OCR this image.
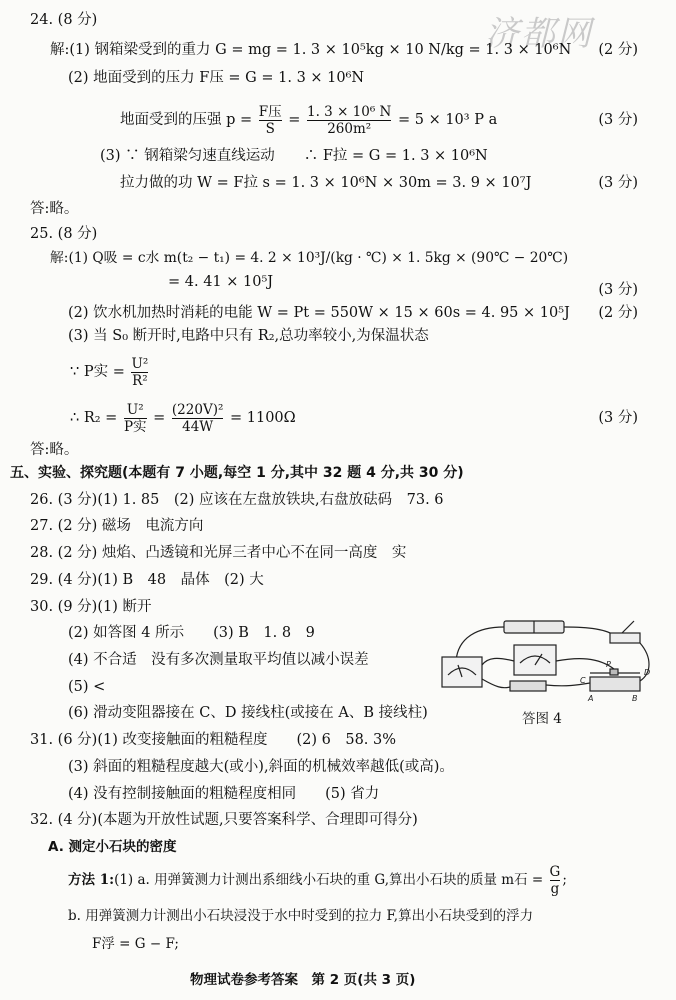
济都网
24. (8 分)
解:(1) 钢箱梁受到的重力 G = mg = 1. 3 × 10⁵kg × 10 N/kg = 1. 3 × 10⁶N (2 分)
(2) 地面受到的压力 F压 = G = 1. 3 × 10⁶N
地面受到的压强 $p = \frac{\text{F压}}{S} = \frac{\text{1. 3 × 10⁶ N}}{\text{260m²}} = 5 \times 10^3$ P a	(3 分)
(3) ∵ 钢箱梁匀速直线运动　　∴ F拉 = G = 1. 3 × 10⁶N
拉力做的功 W = F拉 s = 1. 3 × 10⁶N × 30m = 3. 9 × 10⁷J	(3 分)
答:略。
25. (8 分)
解:(1) Q吸 = c水 m(t₂ − t₁) = 4. 2 × 10³J/(kg · ℃) × 1. 5kg × (90℃ − 20℃)
= 4. 41 × 10⁵J	(3 分)
(2) 饮水机加热时消耗的电能 W = Pt = 550W × 15 × 60s = 4. 95 × 10⁵J (2 分)
(3) 当 S₀ 断开时,电路中只有 R₂,总功率较小,为保温状态
∵ P实 = $\frac{\text{U²}}{\text{R²}}$
∴ $R_2 = \frac{\text{U²}}{\text{P实}} = \frac{\text{(220V)²}}{44W} = 1100\Omega$	(3 分)
答:略。
五、实验、探究题(本题有 7 小题,每空 1 分,其中 32 题 4 分,共 30 分)
26. (3 分)(1) 1. 85　(2) 应该在左盘放铁块,右盘放砝码　73. 6
27. (2 分) 磁场　电流方向
28. (2 分) 烛焰、凸透镜和光屏三者中心不在同一高度　实
29. (4 分)(1) B　48　晶体　(2) 大
30. (9 分)(1) 断开
(2) 如答图 4 所示　　(3) B　1. 8　9
(4) 不合适　没有多次测量取平均值以减小误差
(5) <
(6) 滑动变阻器接在 C、D 接线柱(或接在 A、B 接线柱)
C
P
D
A	B
答图 4
31. (6 分)(1) 改变接触面的粗糙程度　　(2) 6　58. 3%
(3) 斜面的粗糙程度越大(或小),斜面的机械效率越低(或高)。
(4) 没有控制接触面的粗糙程度相同　　(5) 省力
32. (4 分)(本题为开放性试题,只要答案科学、合理即可得分)
A. 测定小石块的密度
方法 1:(1) a. 用弹簧测力计测出系细线小石块的重 G,算出小石块的质量 m石 = $\frac{G}{g}$ ;
b. 用弹簧测力计测出小石块浸没于水中时受到的拉力 F,算出小石块受到的浮力
F浮 = G − F;
物理试卷参考答案　第 2 页(共 3 页)
